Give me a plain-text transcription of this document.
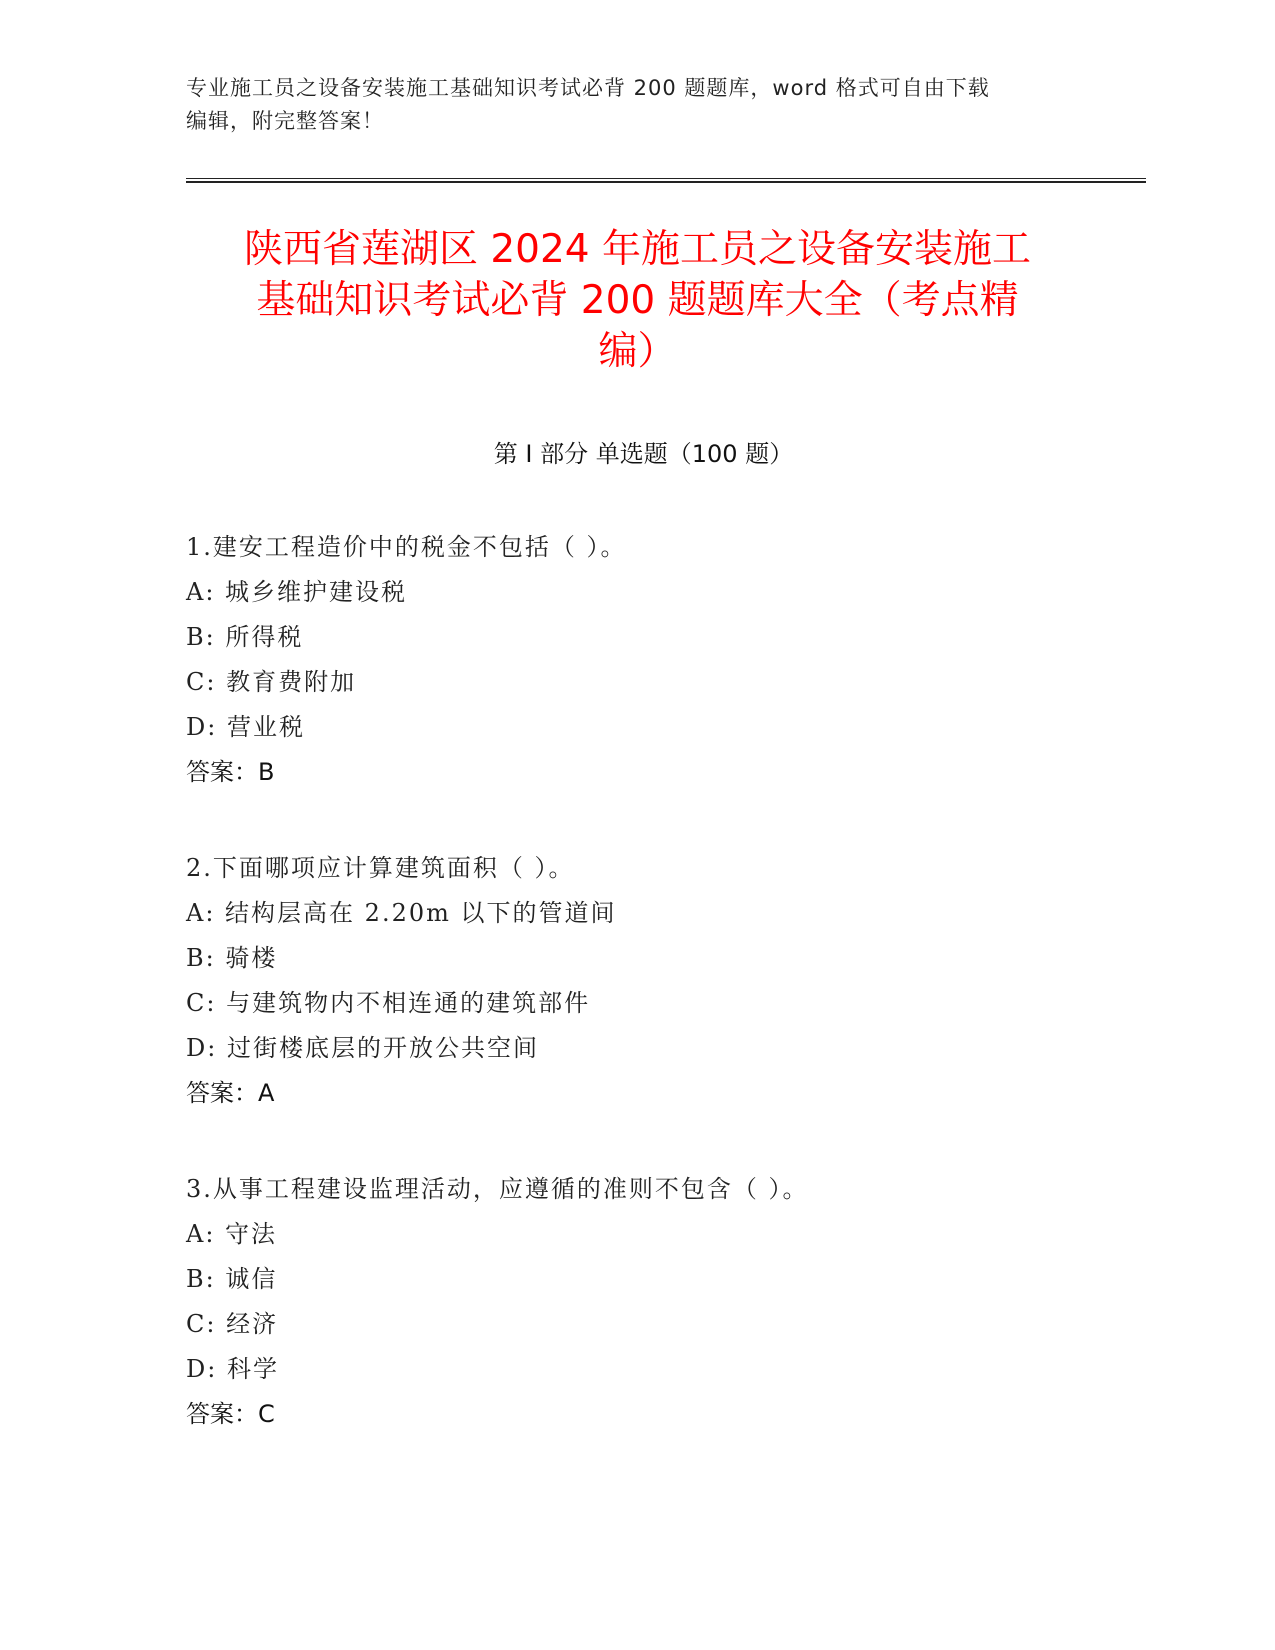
专业施工员之设备安装施工基础知识考试必背 200 题题库，word 格式可自由下载
编辑，附完整答案！
陕西省莲湖区 2024 年施工员之设备安装施工
基础知识考试必背 200 题题库大全（考点精
编）
第 I 部分 单选题（100 题）
1.建安工程造价中的税金不包括（ ）。
A: 城乡维护建设税
B: 所得税
C: 教育费附加
D: 营业税
答案：B
2.下面哪项应计算建筑面积（ ）。
A: 结构层高在 2.20m 以下的管道间
B: 骑楼
C: 与建筑物内不相连通的建筑部件
D: 过街楼底层的开放公共空间
答案：A
3.从事工程建设监理活动，应遵循的准则不包含（ ）。
A: 守法
B: 诚信
C: 经济
D: 科学
答案：C
